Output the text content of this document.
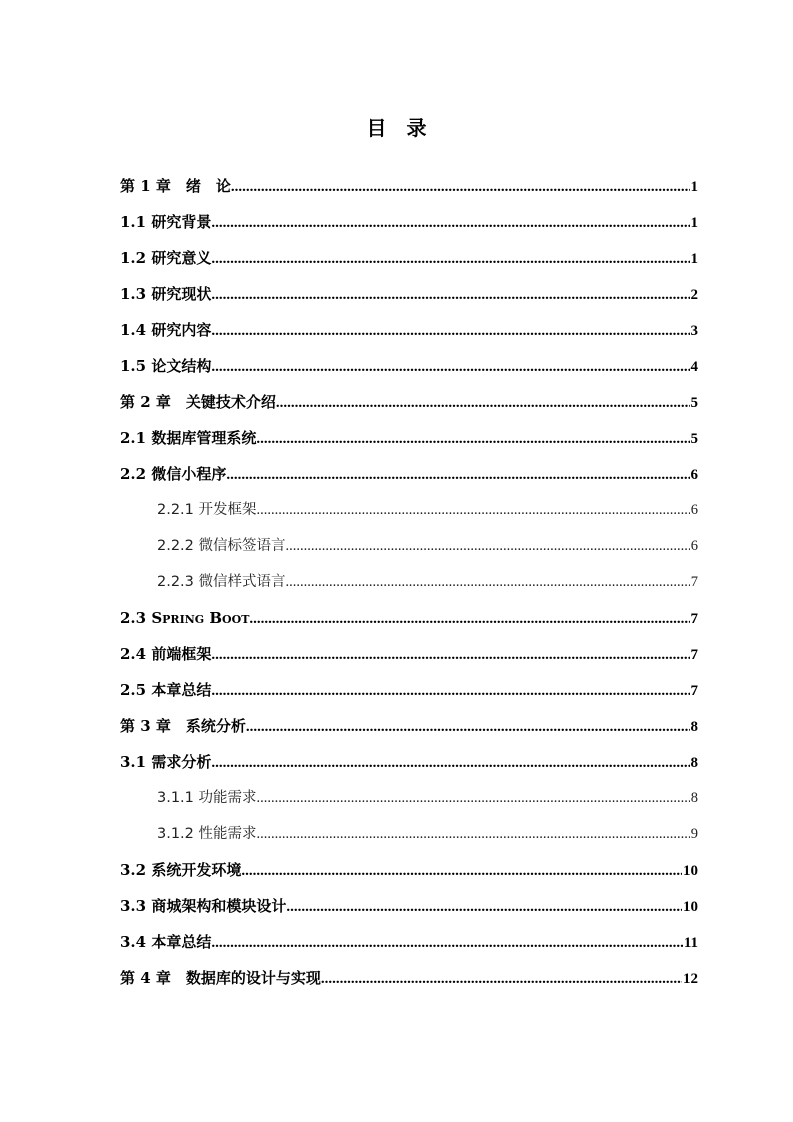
目　录
第 1 章　绪　论 .....	1
1.1 研究背景 .....	1
1.2 研究意义 .....	1
1.3 研究现状 .....	2
1.4 研究内容 .....	3
1.5 论文结构 .....	4
第 2 章　关键技术介绍 .....	5
2.1 数据库管理系统 .....	5
2.2 微信小程序 .....	6
2.2.1 开发框架 .....	6
2.2.2 微信标签语言 .....	6
2.2.3 微信样式语言 .....	7
2.3 Spring Boot .....	7
2.4 前端框架 .....	7
2.5 本章总结 .....	7
第 3 章　系统分析 .....	8
3.1 需求分析 .....	8
3.1.1 功能需求 .....	8
3.1.2 性能需求 .....	9
3.2 系统开发环境 .....	10
3.3 商城架构和模块设计 .....	10
3.4 本章总结 .....	11
第 4 章　数据库的设计与实现 .....	12
